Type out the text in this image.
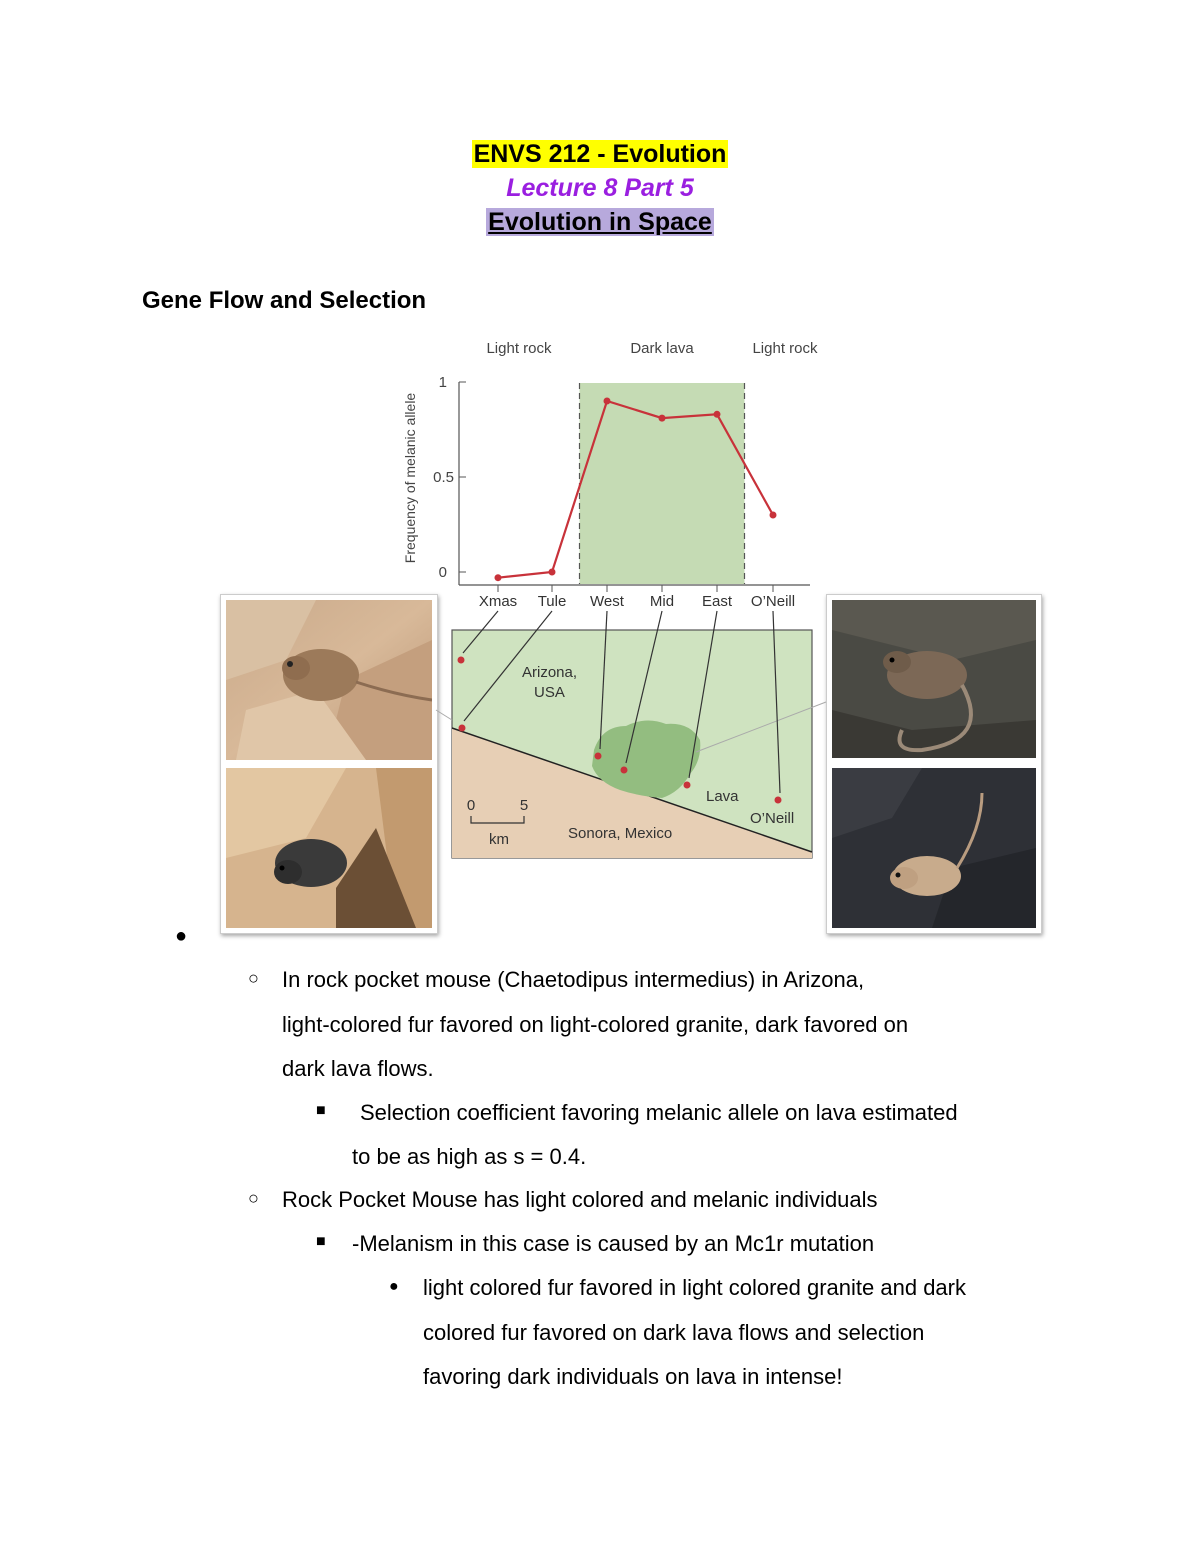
ENVS 212 - Evolution
Lecture 8 Part 5
Evolution in Space
Gene Flow and Selection
Light rock	Dark lava	Light rock
1
0.5
0
Frequency of melanic allele
Xmas Tule West Mid East O’Neill
Arizona,
USA
Lava
O’Neill
Sonora, Mexico
0	5
km
●
○ In rock pocket mouse (Chaetodipus intermedius) in Arizona,
light-colored fur favored on light-colored granite, dark favored on
dark lava flows.
■ Selection coefficient favoring melanic allele on lava estimated
to be as high as s = 0.4.
○ Rock Pocket Mouse has light colored and melanic individuals
■ -Melanism in this case is caused by an Mc1r mutation
● light colored fur favored in light colored granite and dark
colored fur favored on dark lava flows and selection
favoring dark individuals on lava in intense!
